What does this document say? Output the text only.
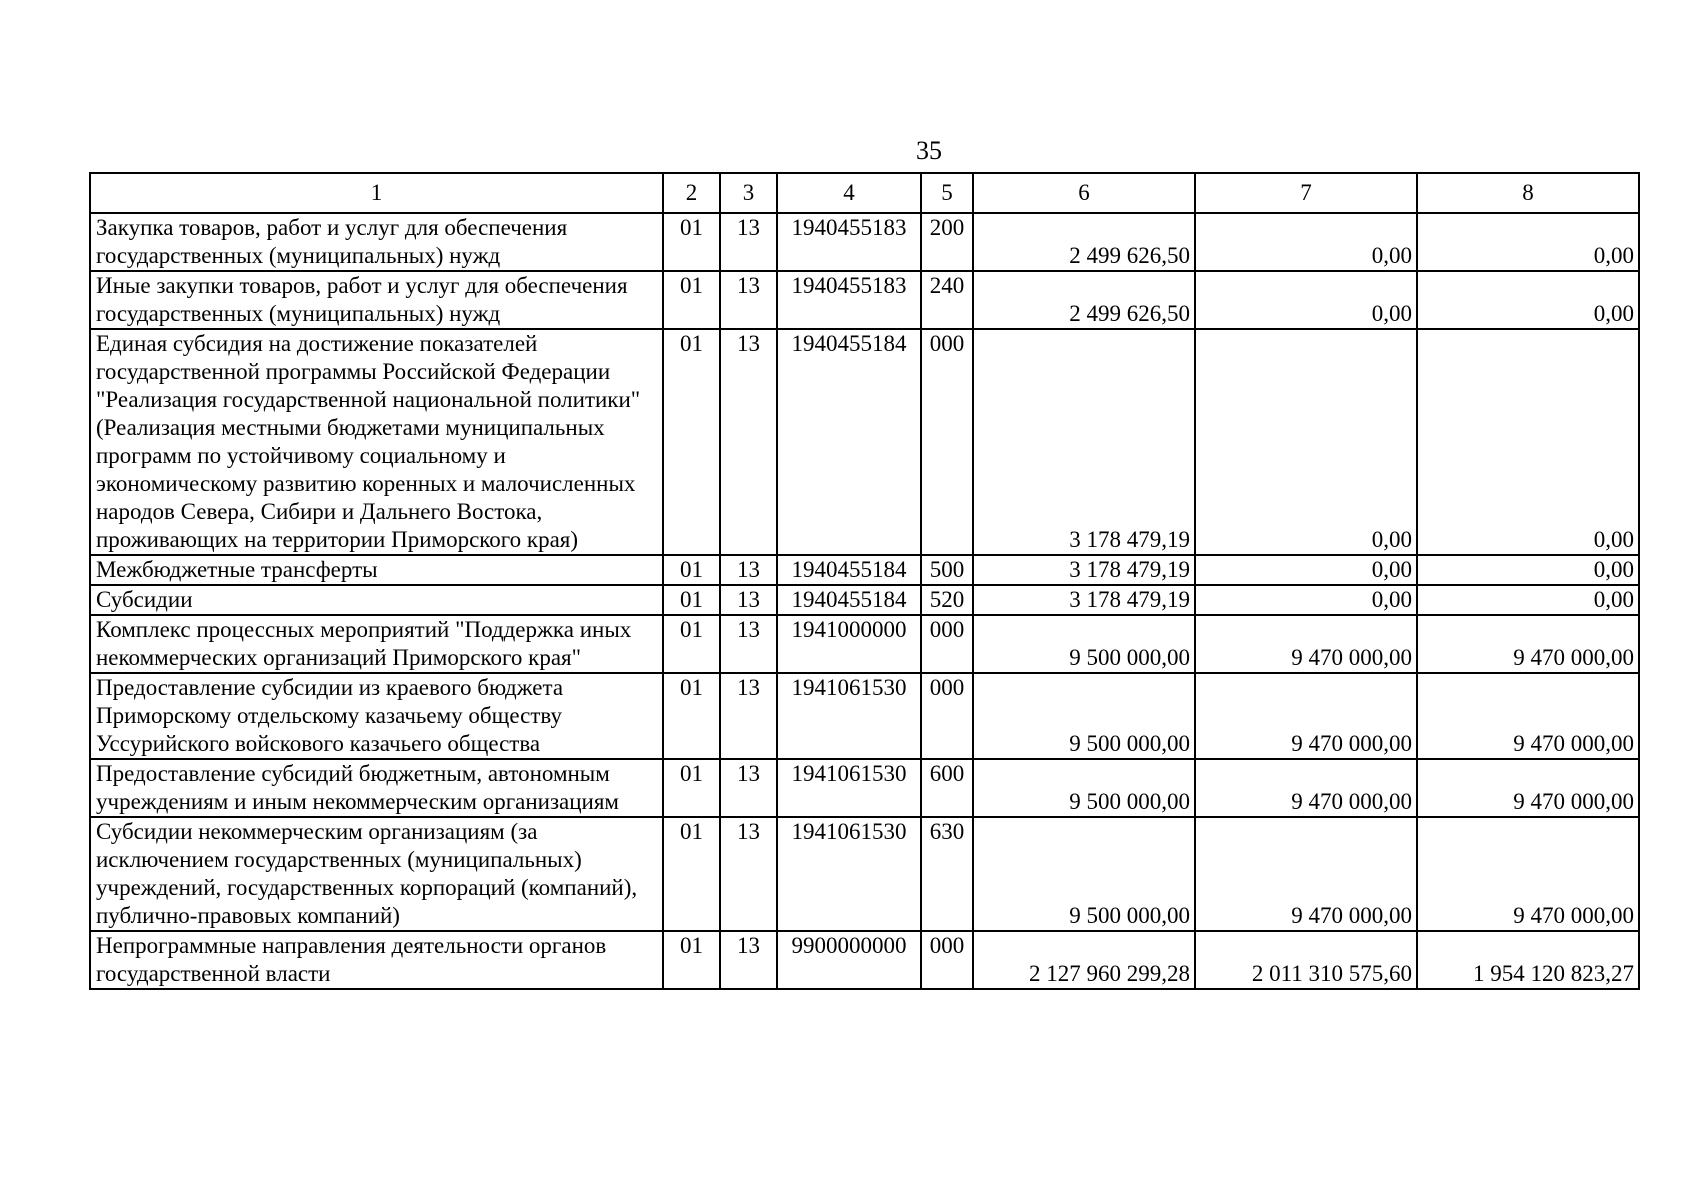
35
1	2	3	4	5	6	7	8
Закупка товаров, работ и услуг для обеспечения государственных (муниципальных) нужд	01	13	1940455183	200	2 499 626,50	0,00	0,00
Иные закупки товаров, работ и услуг для обеспечения государственных (муниципальных) нужд	01	13	1940455183	240	2 499 626,50	0,00	0,00
Единая субсидия на достижение показателей государственной программы Российской Федерации "Реализация государственной национальной политики" (Реализация местными бюджетами муниципальных программ по устойчивому социальному и экономическому развитию коренных и малочисленных народов Севера, Сибири и Дальнего Востока, проживающих на территории Приморского края)	01	13	1940455184	000	3 178 479,19	0,00	0,00
Межбюджетные трансферты	01	13	1940455184	500	3 178 479,19	0,00	0,00
Субсидии	01	13	1940455184	520	3 178 479,19	0,00	0,00
Комплекс процессных мероприятий "Поддержка иных некоммерческих организаций Приморского края"	01	13	1941000000	000	9 500 000,00	9 470 000,00	9 470 000,00
Предоставление субсидии из краевого бюджета Приморскому отдельскому казачьему обществу Уссурийского войскового казачьего общества	01	13	1941061530	000	9 500 000,00	9 470 000,00	9 470 000,00
Предоставление субсидий бюджетным, автономным учреждениям и иным некоммерческим организациям	01	13	1941061530	600	9 500 000,00	9 470 000,00	9 470 000,00
Субсидии некоммерческим организациям (за исключением государственных (муниципальных) учреждений, государственных корпораций (компаний), публично-правовых компаний)	01	13	1941061530	630	9 500 000,00	9 470 000,00	9 470 000,00
Непрограммные направления деятельности органов государственной власти	01	13	9900000000	000	2 127 960 299,28	2 011 310 575,60	1 954 120 823,27
